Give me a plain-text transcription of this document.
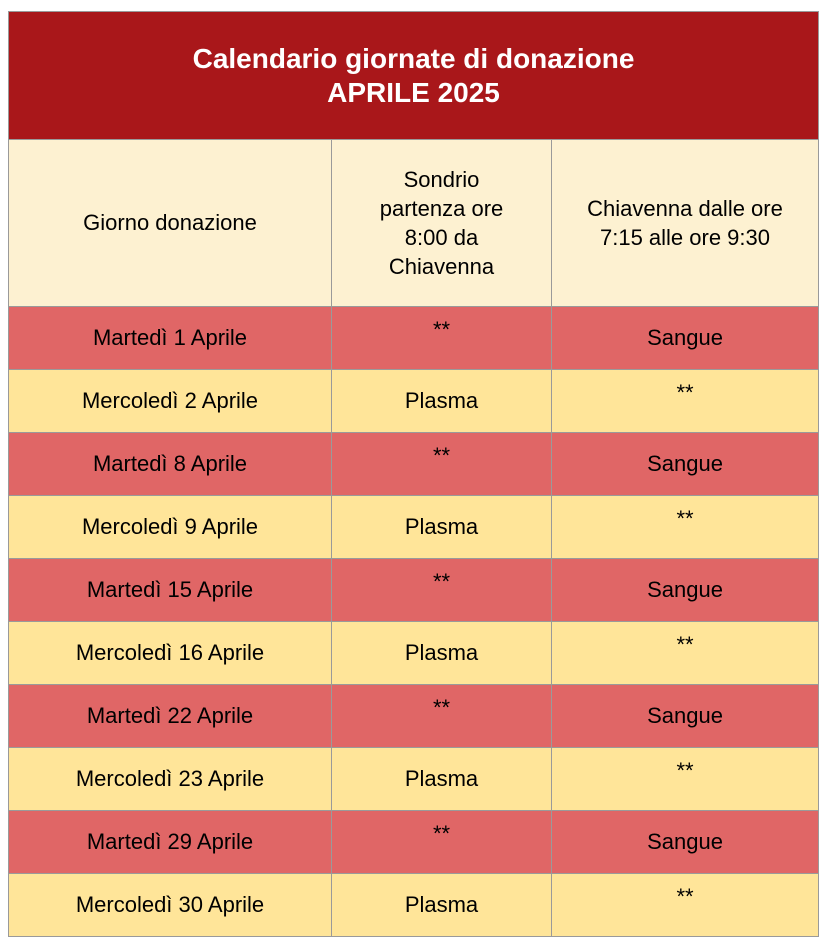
Calendario giornate di donazione
APRILE 2025		

Giorno donazione	Sondrio partenza ore 8:00 da Chiavenna	Chiavenna dalle ore 7:15 alle ore 9:30
Martedì 1 Aprile	**	Sangue
Mercoledì 2 Aprile	Plasma	**
Martedì 8 Aprile	**	Sangue
Mercoledì 9 Aprile	Plasma	**
Martedì 15 Aprile	**	Sangue
Mercoledì 16 Aprile	Plasma	**
Martedì 22 Aprile	**	Sangue
Mercoledì 23 Aprile	Plasma	**
Martedì 29 Aprile	**	Sangue
Mercoledì 30 Aprile	Plasma	**
